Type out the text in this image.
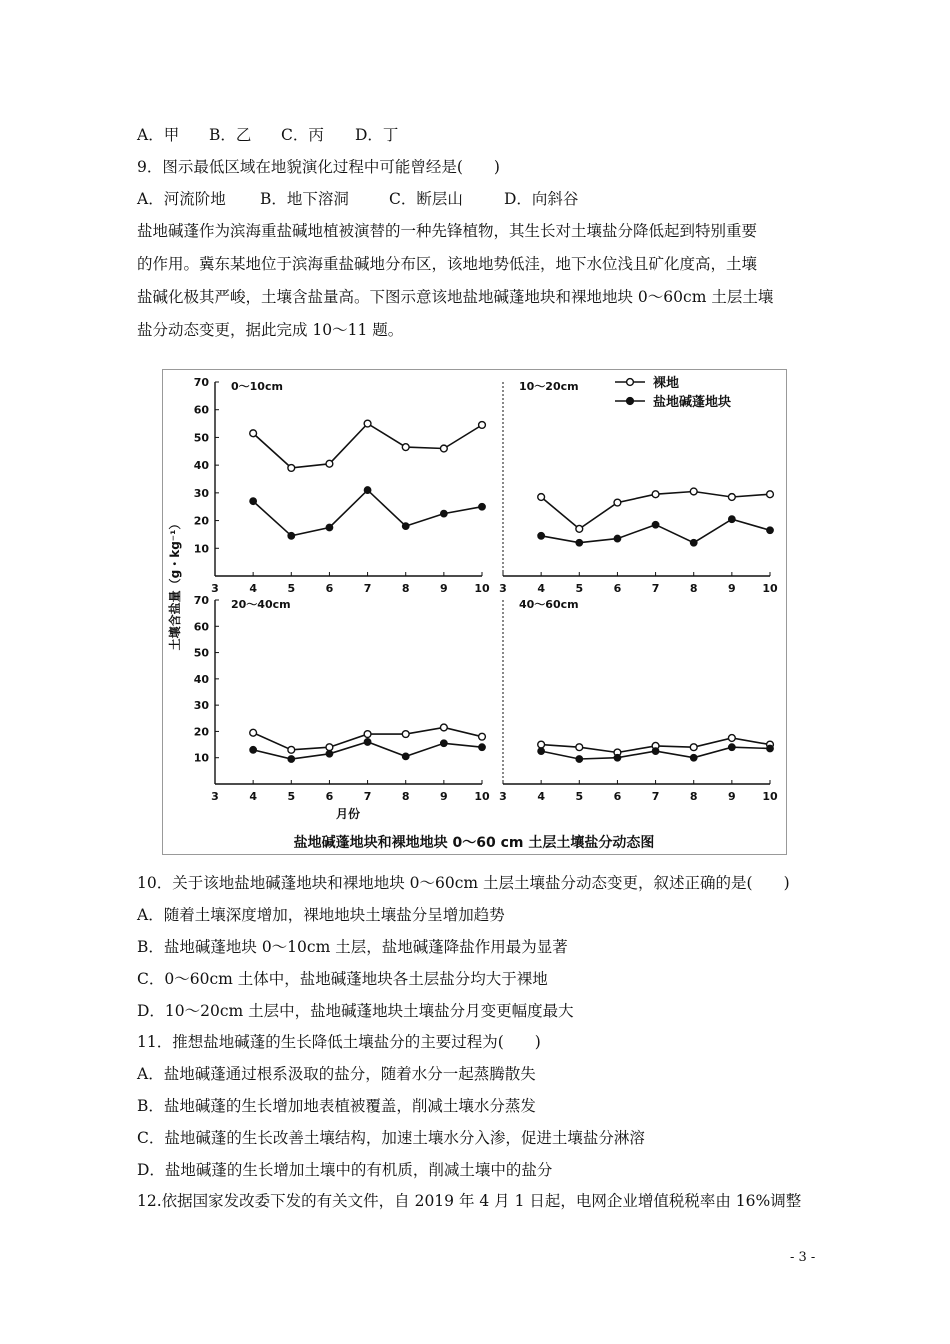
A．甲 B．乙 C．丙 D．丁
9．图示最低区域在地貌演化过程中可能曾经是(　　)
A．河流阶地 B．地下溶洞	C．断层山	D．向斜谷
盐地碱蓬作为滨海重盐碱地植被演替的一种先锋植物，其生长对土壤盐分降低起到特别重要
的作用。冀东某地位于滨海重盐碱地分布区，该地地势低洼，地下水位浅且矿化度高，土壤
盐碱化极其严峻，土壤含盐量高。下图示意该地盐地碱蓬地块和裸地地块 0～60cm 土层土壤
盐分动态变更，据此完成 10～11 题。
10
20
30
40
50
60
70
3	4	5	6	7	8	9 10
0～10cm
3	4	5	6	7	8	9 10
10～20cm
10
20
30
40
50
60
70
3	4	5	6	7	8	9 10
20～40cm
3	4	5	6	7	8	9 10
40～60cm
裸地
盐地碱蓬地块
土壤含盐量（g・kg⁻¹）
月份
盐地碱蓬地块和裸地地块 0～60 cm 土层土壤盐分动态图
10．关于该地盐地碱蓬地块和裸地地块 0～60cm 土层土壤盐分动态变更，叙述正确的是(　　)
A．随着土壤深度增加，裸地地块土壤盐分呈增加趋势
B．盐地碱蓬地块 0～10cm 土层，盐地碱蓬降盐作用最为显著
C．0～60cm 土体中，盐地碱蓬地块各土层盐分均大于裸地
D．10～20cm 土层中，盐地碱蓬地块土壤盐分月变更幅度最大
11．推想盐地碱蓬的生长降低土壤盐分的主要过程为(　　)
A．盐地碱蓬通过根系汲取的盐分，随着水分一起蒸腾散失
B．盐地碱蓬的生长增加地表植被覆盖，削减土壤水分蒸发
C．盐地碱蓬的生长改善土壤结构，加速土壤水分入渗，促进土壤盐分淋溶
D．盐地碱蓬的生长增加土壤中的有机质，削减土壤中的盐分
12.依据国家发改委下发的有关文件，自 2019 年 4 月 1 日起，电网企业增值税税率由 16%调整
- 3 -
